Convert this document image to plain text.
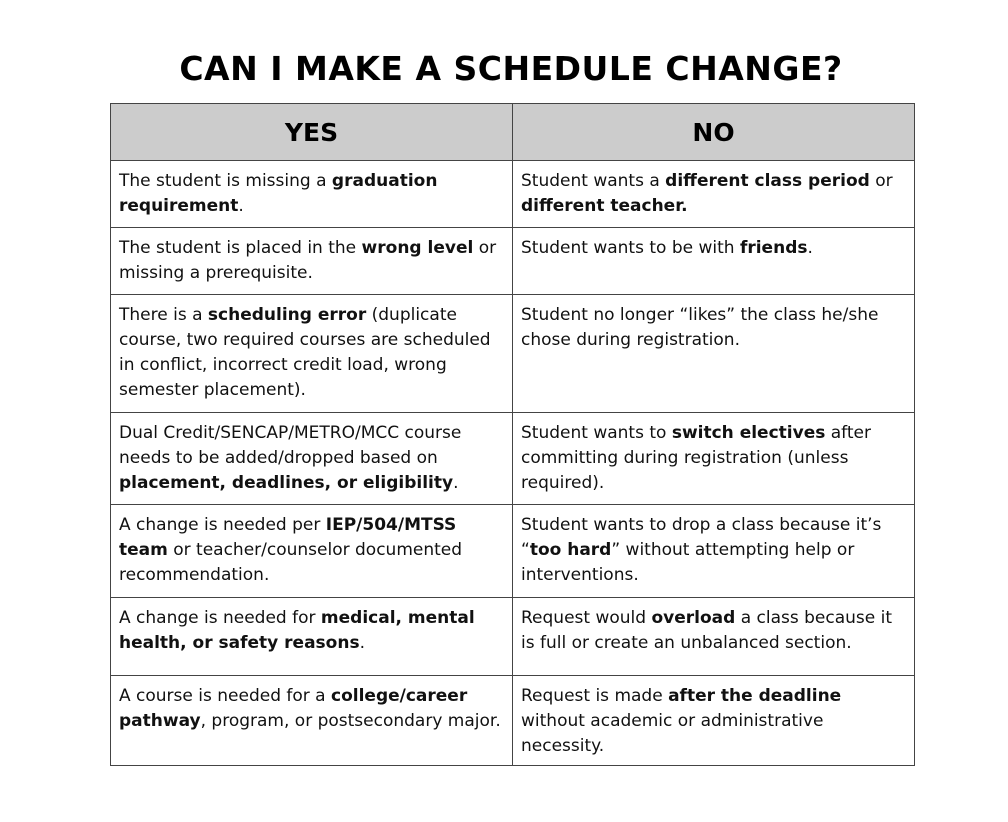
CAN I MAKE A SCHEDULE CHANGE?
YES	NO
The student is missing a graduation requirement.	Student wants a different class period or different teacher.
The student is placed in the wrong level or missing a prerequisite.	Student wants to be with friends.
There is a scheduling error (duplicate course, two required courses are scheduled in conflict, incorrect credit load, wrong semester placement).	Student no longer “likes” the class he/she chose during registration.
Dual Credit/SENCAP/METRO/MCC course needs to be added/dropped based on placement, deadlines, or eligibility.	Student wants to switch electives after committing during registration (unless required).
A change is needed per IEP/504/MTSS team or teacher/counselor documented recommendation.	Student wants to drop a class because it’s “too hard” without attempting help or interventions.
A change is needed for medical, mental health, or safety reasons.	Request would overload a class because it is full or create an unbalanced section.
A course is needed for a college/career pathway, program, or postsecondary major.	Request is made after the deadline without academic or administrative necessity.
